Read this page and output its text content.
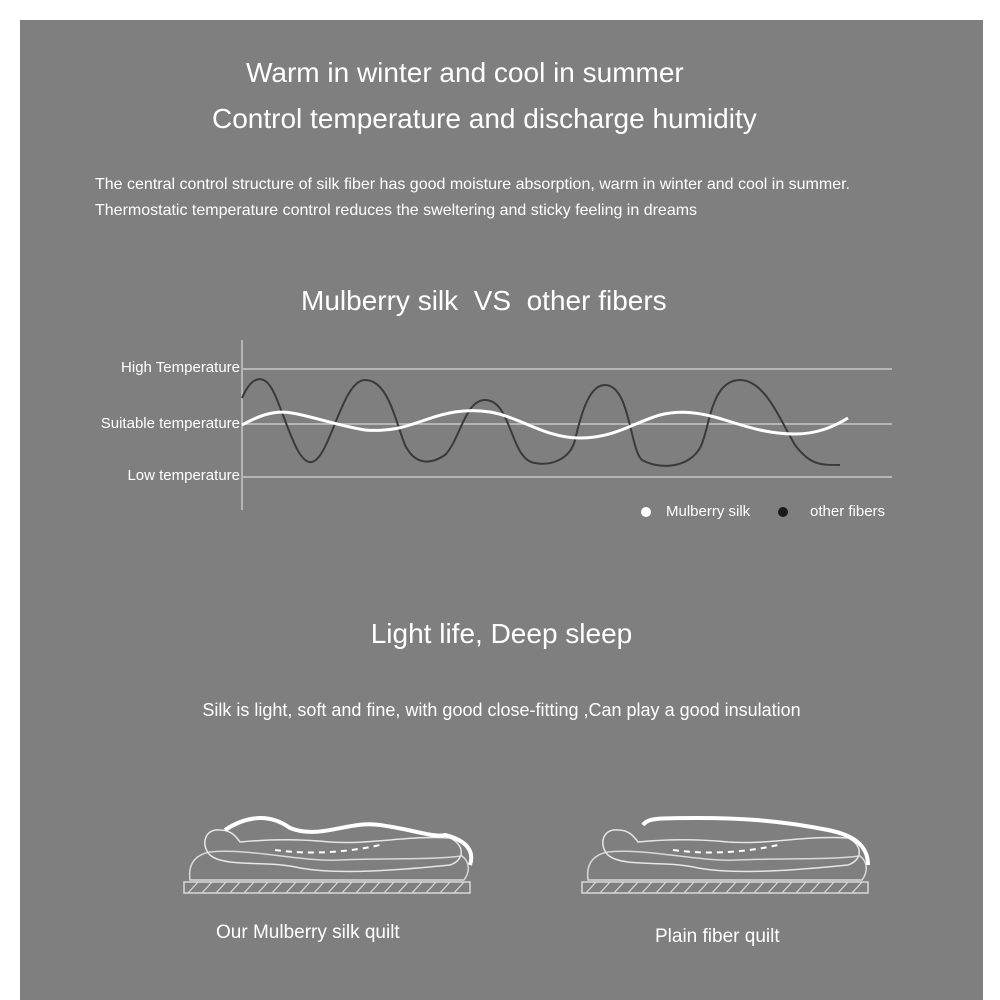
Warm in winter and cool in summer
Control temperature and discharge humidity
The central control structure of silk fiber has good moisture absorption, warm in winter and cool in summer.
Thermostatic temperature control reduces the sweltering and sticky feeling in dreams
Mulberry silk  VS  other fibers
High Temperature
Suitable temperature
Low temperature
Mulberry silk	other fibers
Light life, Deep sleep
Silk is light, soft and fine, with good close-fitting ,Can play a good insulation
Our Mulberry silk quilt	Plain fiber quilt
